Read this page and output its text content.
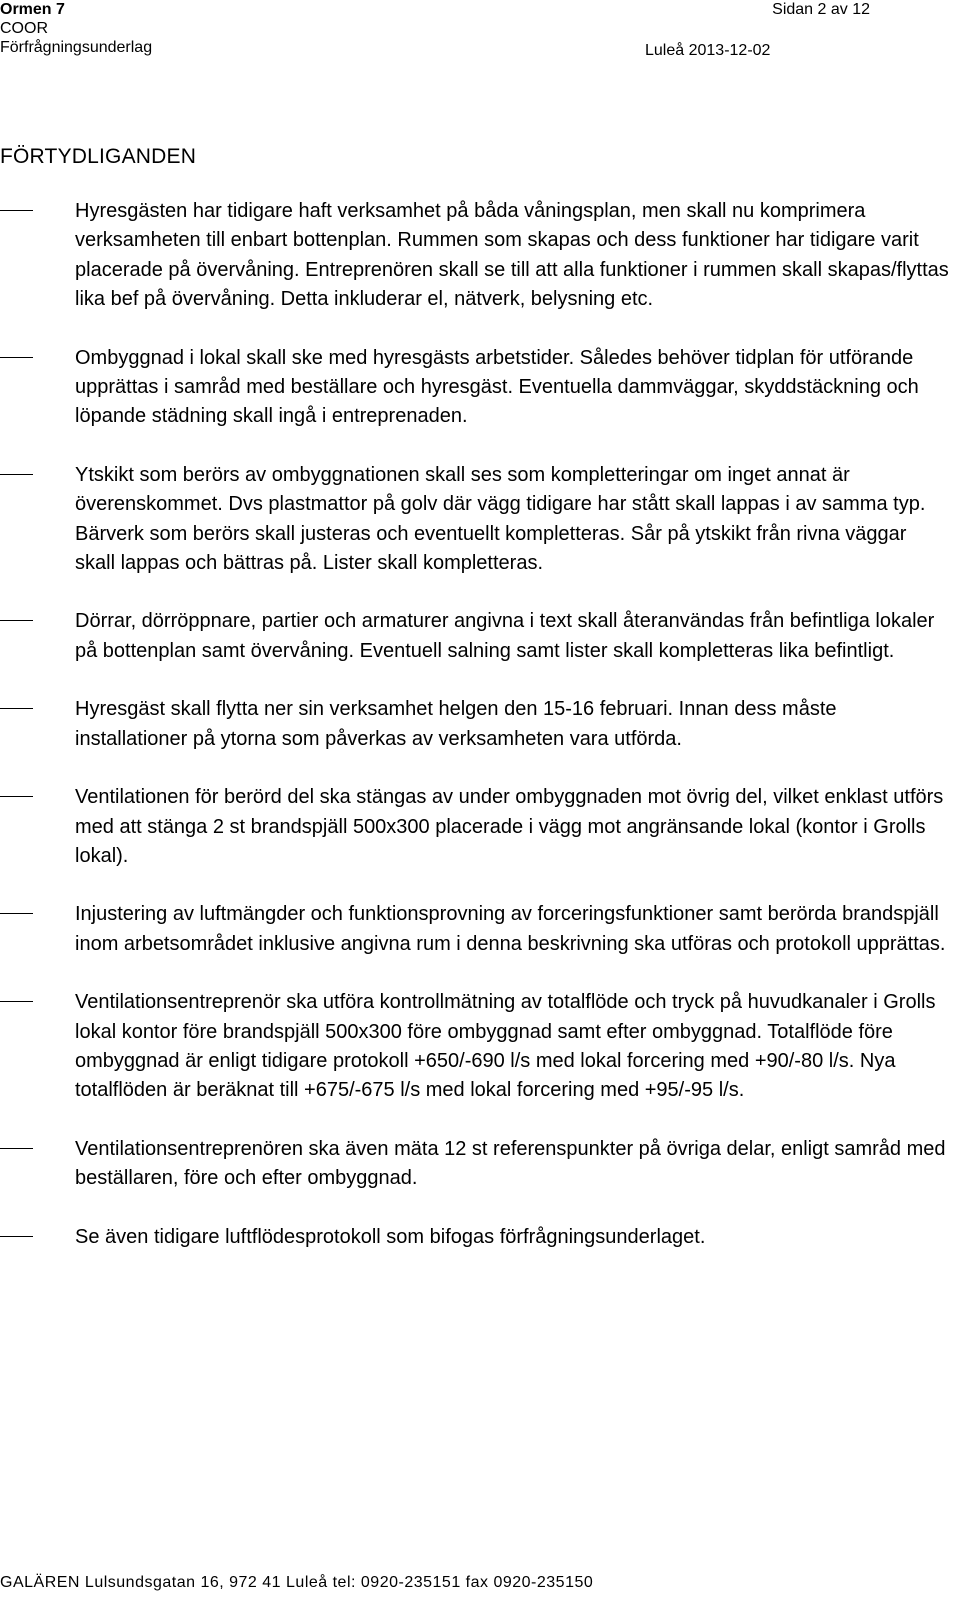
Ormen 7
COOR
Förfrågningsunderlag
Sidan 2 av 12
Luleå 2013-12-02
FÖRTYDLIGANDEN
Hyresgästen har tidigare haft verksamhet på båda våningsplan, men skall nu komprimera verksamheten till enbart bottenplan. Rummen som skapas och dess funktioner har tidigare varit placerade på övervåning. Entreprenören skall se till att alla funktioner i rummen skall skapas/flyttas lika bef på övervåning. Detta inkluderar el, nätverk, belysning etc.
Ombyggnad i lokal skall ske med hyresgästs arbetstider. Således behöver tidplan för utförande upprättas i samråd med beställare och hyresgäst. Eventuella dammväggar, skyddstäckning och löpande städning skall ingå i entreprenaden.
Ytskikt som berörs av ombyggnationen skall ses som kompletteringar om inget annat är överenskommet. Dvs plastmattor på golv där vägg tidigare har stått skall lappas i av samma typ. Bärverk som berörs skall justeras och eventuellt kompletteras. Sår på ytskikt från rivna väggar skall lappas och bättras på. Lister skall kompletteras.
Dörrar, dörröppnare, partier och armaturer angivna i text skall återanvändas från befintliga lokaler på bottenplan samt övervåning. Eventuell salning samt lister skall kompletteras lika befintligt.
Hyresgäst skall flytta ner sin verksamhet helgen den 15-16 februari. Innan dess måste installationer på ytorna som påverkas av verksamheten vara utförda.
Ventilationen för berörd del ska stängas av under ombyggnaden mot övrig del, vilket enklast utförs med att stänga 2 st brandspjäll 500x300 placerade i vägg mot angränsande lokal (kontor i Grolls lokal).
Injustering av luftmängder och funktionsprovning av forceringsfunktioner samt berörda brandspjäll inom arbetsområdet inklusive angivna rum i denna beskrivning ska utföras och protokoll upprättas.
Ventilationsentreprenör ska utföra kontrollmätning av totalflöde och tryck på huvudkanaler i Grolls lokal kontor före brandspjäll 500x300 före ombyggnad samt efter ombyggnad. Totalflöde före ombyggnad är enligt tidigare protokoll +650/-690 l/s med lokal forcering med +90/-80 l/s. Nya totalflöden är beräknat till +675/-675 l/s med lokal forcering med +95/-95 l/s.
Ventilationsentreprenören ska även mäta 12 st referenspunkter på övriga delar, enligt samråd med beställaren, före och efter ombyggnad.
Se även tidigare luftflödesprotokoll som bifogas förfrågningsunderlaget.
GALÄREN Lulsundsgatan 16, 972 41 Luleå tel: 0920-235151 fax 0920-235150
